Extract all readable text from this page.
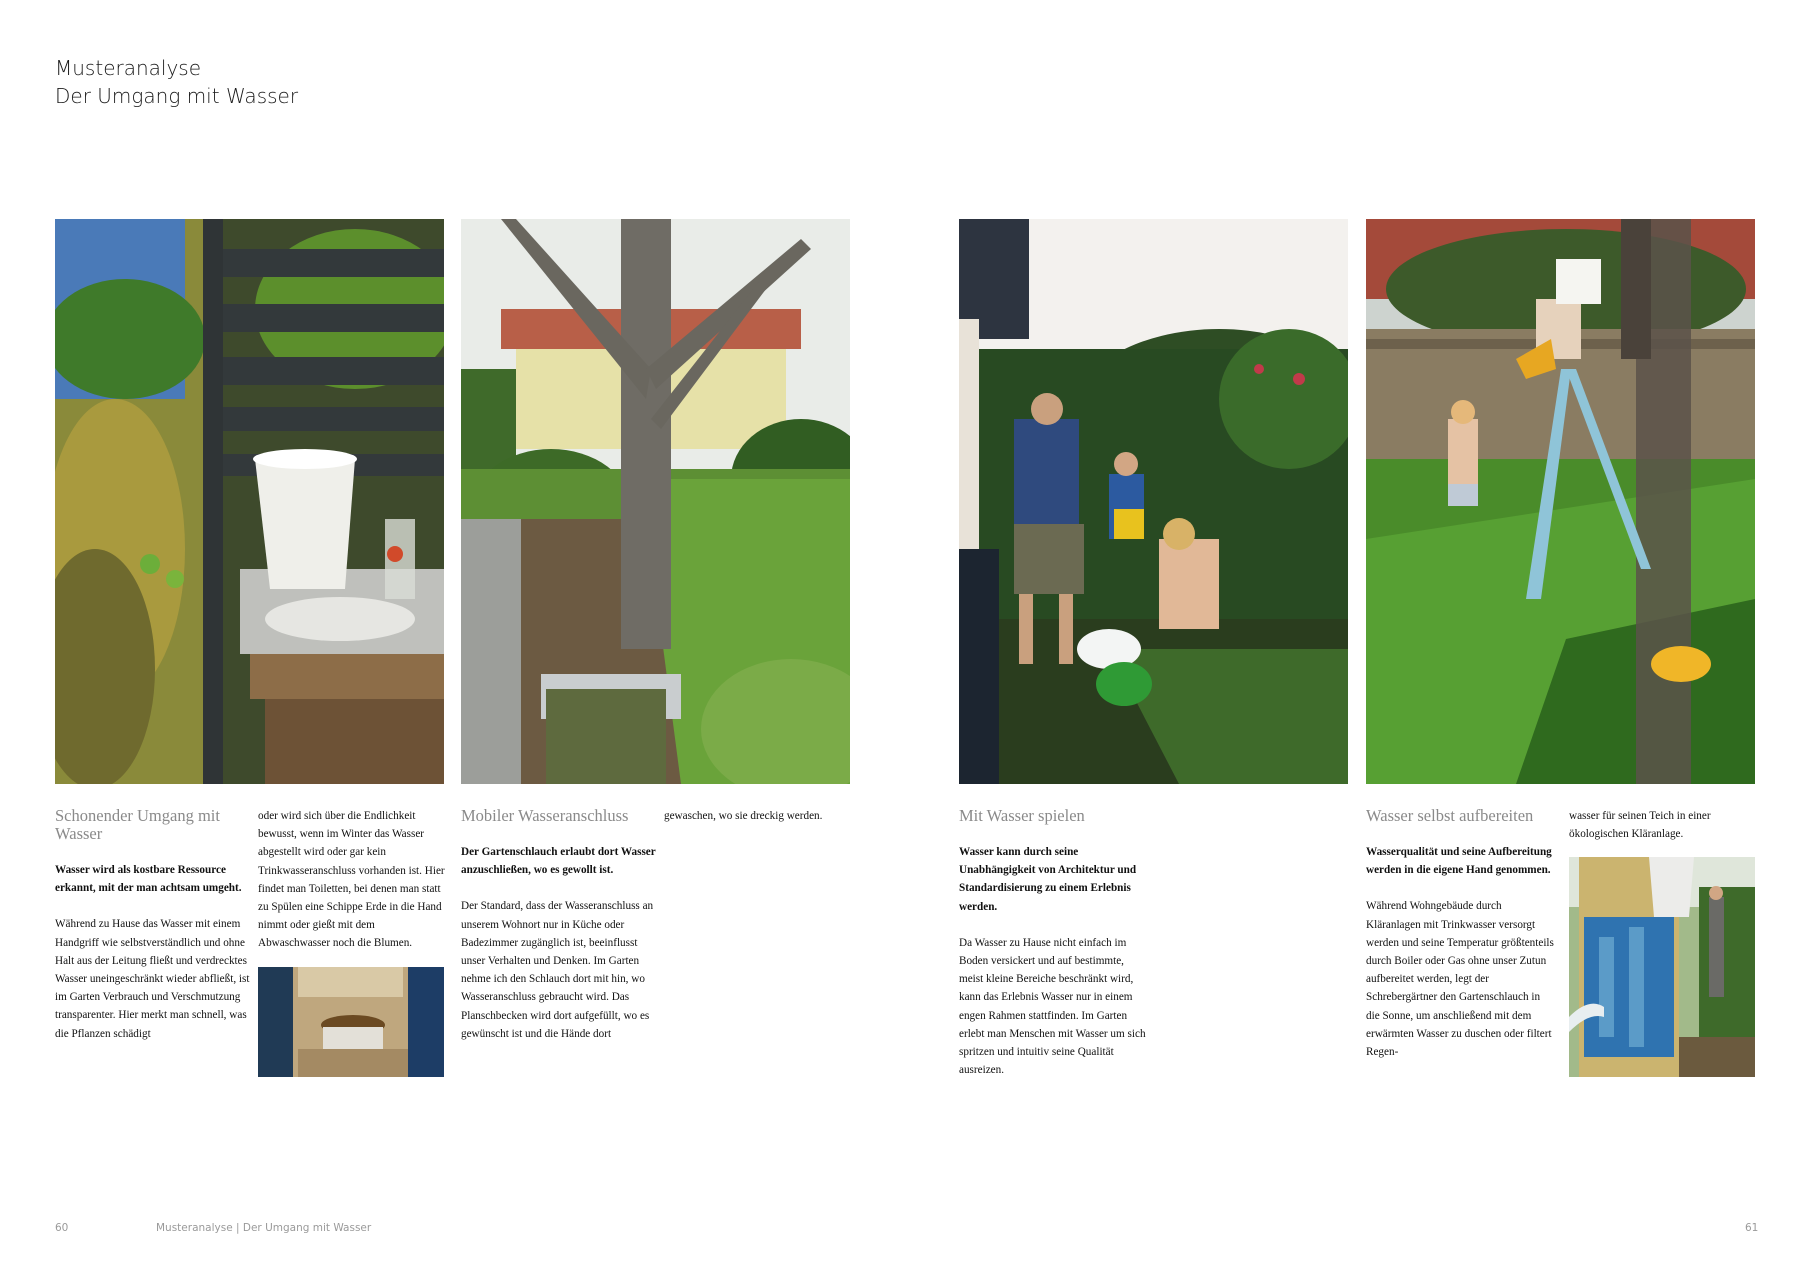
Musteranalyse
Der Umgang mit Wasser
Schonender Umgang mit Wasser

Wasser wird als kostbare Ressource erkannt, mit der man achtsam umgeht.

Während zu Hause das Wasser mit einem Handgriff wie selbstverständlich und ohne Halt aus der Leitung fließt und verdrecktes Wasser uneingeschränkt wieder abfließt, ist im Garten Verbrauch und Verschmutzung transparenter. Hier merkt man schnell, was die Pflanzen schädigt

oder wird sich über die Endlichkeit bewusst, wenn im Winter das Wasser abgestellt wird oder gar kein Trinkwasseranschluss vorhanden ist. Hier findet man Toiletten, bei denen man statt zu Spülen eine Schippe Erde in die Hand nimmt oder gießt mit dem Abwaschwasser noch die Blumen.

Mobiler Wasseranschluss

Der Gartenschlauch erlaubt dort Wasser anzuschließen, wo es gewollt ist.

Der Standard, dass der Wasseranschluss an unserem Wohnort nur in Küche oder Badezimmer zugänglich ist, beeinflusst unser Verhalten und Denken. Im Garten nehme ich den Schlauch dort mit hin, wo Wasseranschluss gebraucht wird. Das Planschbecken wird dort aufgefüllt, wo es gewünscht ist und die Hände dort

gewaschen, wo sie dreckig werden.	Mit Wasser spielen

Wasser kann durch seine Unabhängigkeit von Architektur und Standardisierung zu einem Erlebnis werden.

Da Wasser zu Hause nicht einfach im Boden versickert und auf bestimmte, meist kleine Bereiche beschränkt wird, kann das Erlebnis Wasser nur in einem engen Rahmen stattfinden. Im Garten erlebt man Menschen mit Wasser um sich spritzen und intuitiv seine Qualität ausreizen.

Wasser selbst aufbereiten

Wasserqualität und seine Aufbereitung werden in die eigene Hand genommen.

Während Wohngebäude durch Kläranlagen mit Trinkwasser versorgt werden und seine Temperatur größtenteils durch Boiler oder Gas ohne unser Zutun aufbereitet werden, legt der Schrebergärtner den Gartenschlauch in die Sonne, um anschließend mit dem erwärmten Wasser zu duschen oder filtert Regen-

wasser für seinen Teich in einer ökologischen Kläranlage.

60	Musteranalyse | Der Umgang mit Wasser	61
